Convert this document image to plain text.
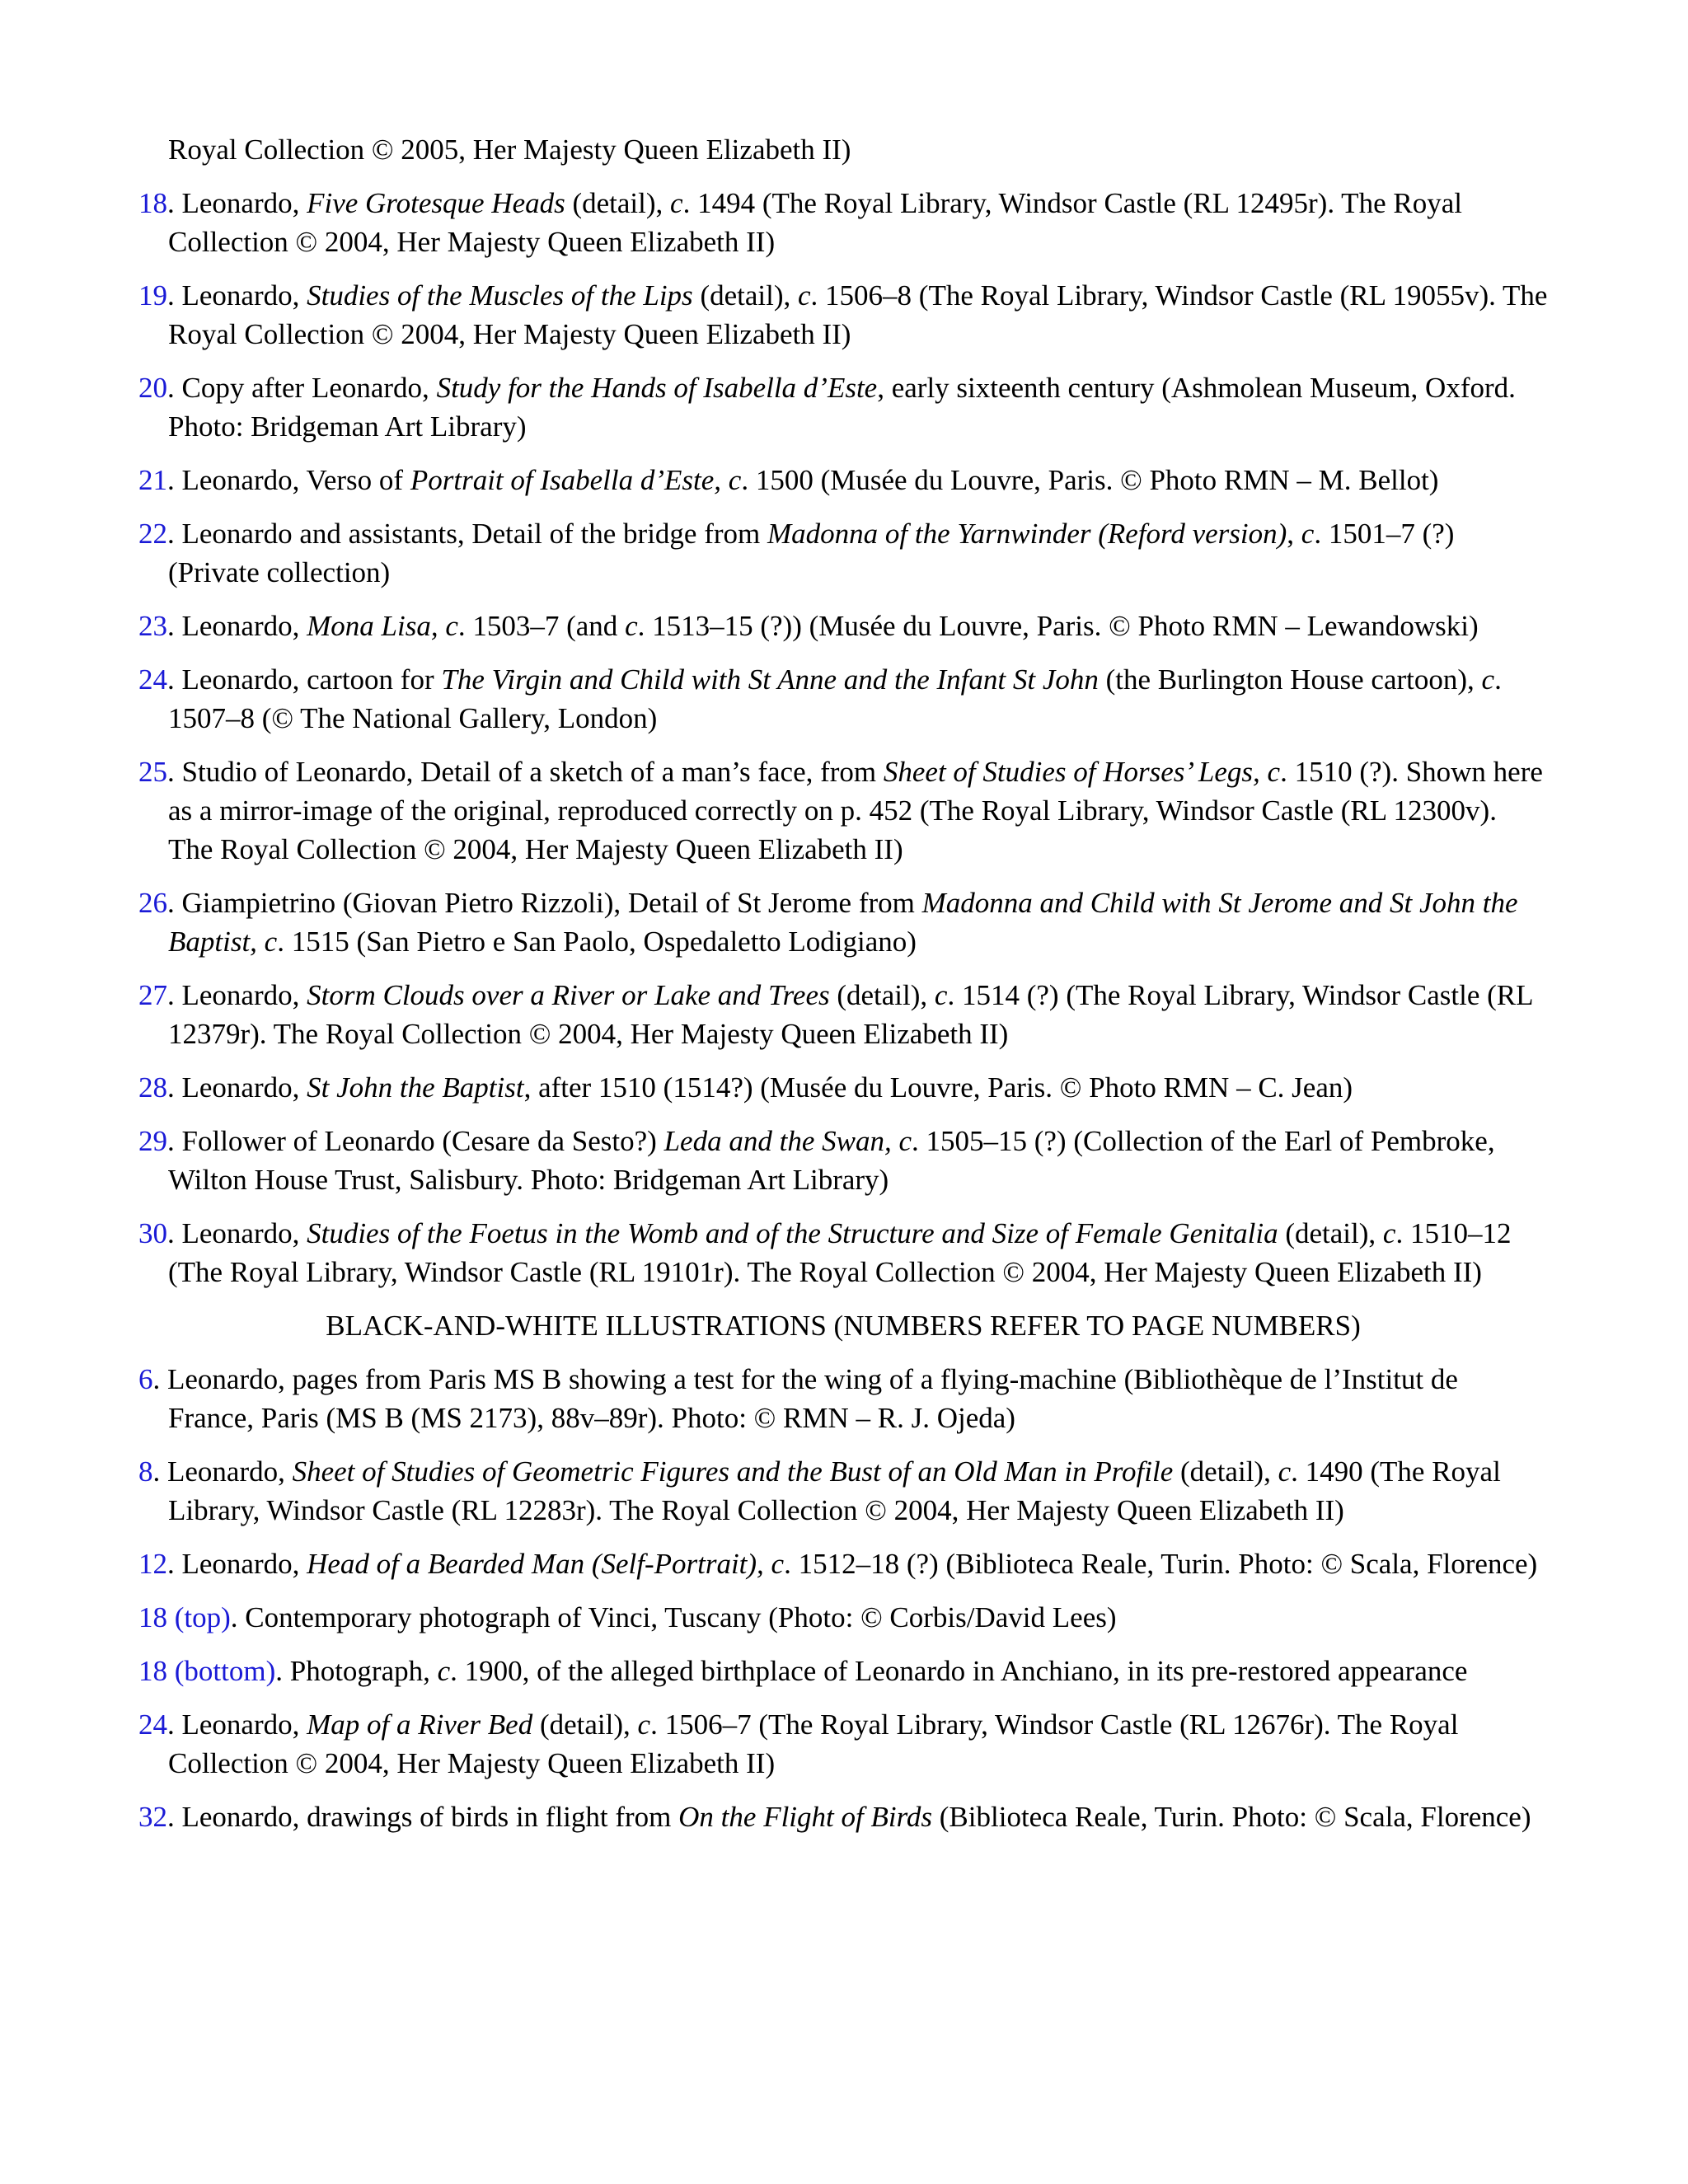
Royal Collection © 2005, Her Majesty Queen Elizabeth II)

18. Leonardo, Five Grotesque Heads (detail), c. 1494 (The Royal Library, Windsor Castle (RL 12495r). The Royal Collection © 2004, Her Majesty Queen Elizabeth II)

19. Leonardo, Studies of the Muscles of the Lips (detail), c. 1506–8 (The Royal Library, Windsor Castle (RL 19055v). The Royal Collection © 2004, Her Majesty Queen Elizabeth II)

20. Copy after Leonardo, Study for the Hands of Isabella d’Este, early sixteenth century (Ashmolean Museum, Oxford. Photo: Bridgeman Art Library)

21. Leonardo, Verso of Portrait of Isabella d’Este, c. 1500 (Musée du Louvre, Paris. © Photo RMN – M. Bellot)

22. Leonardo and assistants, Detail of the bridge from Madonna of the Yarnwinder (Reford version), c. 1501–7 (?) (Private collection)

23. Leonardo, Mona Lisa, c. 1503–7 (and c. 1513–15 (?)) (Musée du Louvre, Paris. © Photo RMN – Lewandowski)

24. Leonardo, cartoon for The Virgin and Child with St Anne and the Infant St John (the Burlington House cartoon), c. 1507–8 (© The National Gallery, London)

25. Studio of Leonardo, Detail of a sketch of a man’s face, from Sheet of Studies of Horses’ Legs, c. 1510 (?). Shown here as a mirror-image of the original, reproduced correctly on p. 452 (The Royal Library, Windsor Castle (RL 12300v). The Royal Collection © 2004, Her Majesty Queen Elizabeth II)

26. Giampietrino (Giovan Pietro Rizzoli), Detail of St Jerome from Madonna and Child with St Jerome and St John the Baptist, c. 1515 (San Pietro e San Paolo, Ospedaletto Lodigiano)

27. Leonardo, Storm Clouds over a River or Lake and Trees (detail), c. 1514 (?) (The Royal Library, Windsor Castle (RL 12379r). The Royal Collection © 2004, Her Majesty Queen Elizabeth II)

28. Leonardo, St John the Baptist, after 1510 (1514?) (Musée du Louvre, Paris. © Photo RMN – C. Jean)

29. Follower of Leonardo (Cesare da Sesto?) Leda and the Swan, c. 1505–15 (?) (Collection of the Earl of Pembroke, Wilton House Trust, Salisbury. Photo: Bridgeman Art Library)

30. Leonardo, Studies of the Foetus in the Womb and of the Structure and Size of Female Genitalia (detail), c. 1510–12 (The Royal Library, Windsor Castle (RL 19101r). The Royal Collection © 2004, Her Majesty Queen Elizabeth II)

BLACK-AND-WHITE ILLUSTRATIONS (NUMBERS REFER TO PAGE NUMBERS)

6. Leonardo, pages from Paris MS B showing a test for the wing of a flying-machine (Bibliothèque de l’Institut de France, Paris (MS B (MS 2173), 88v–89r). Photo: © RMN – R. J. Ojeda)

8. Leonardo, Sheet of Studies of Geometric Figures and the Bust of an Old Man in Profile (detail), c. 1490 (The Royal Library, Windsor Castle (RL 12283r). The Royal Collection © 2004, Her Majesty Queen Elizabeth II)

12. Leonardo, Head of a Bearded Man (Self-Portrait), c. 1512–18 (?) (Biblioteca Reale, Turin. Photo: © Scala, Florence)

18 (top). Contemporary photograph of Vinci, Tuscany (Photo: © Corbis/David Lees)

18 (bottom). Photograph, c. 1900, of the alleged birthplace of Leonardo in Anchiano, in its pre-restored appearance

24. Leonardo, Map of a River Bed (detail), c. 1506–7 (The Royal Library, Windsor Castle (RL 12676r). The Royal Collection © 2004, Her Majesty Queen Elizabeth II)

32. Leonardo, drawings of birds in flight from On the Flight of Birds (Biblioteca Reale, Turin. Photo: © Scala, Florence)
